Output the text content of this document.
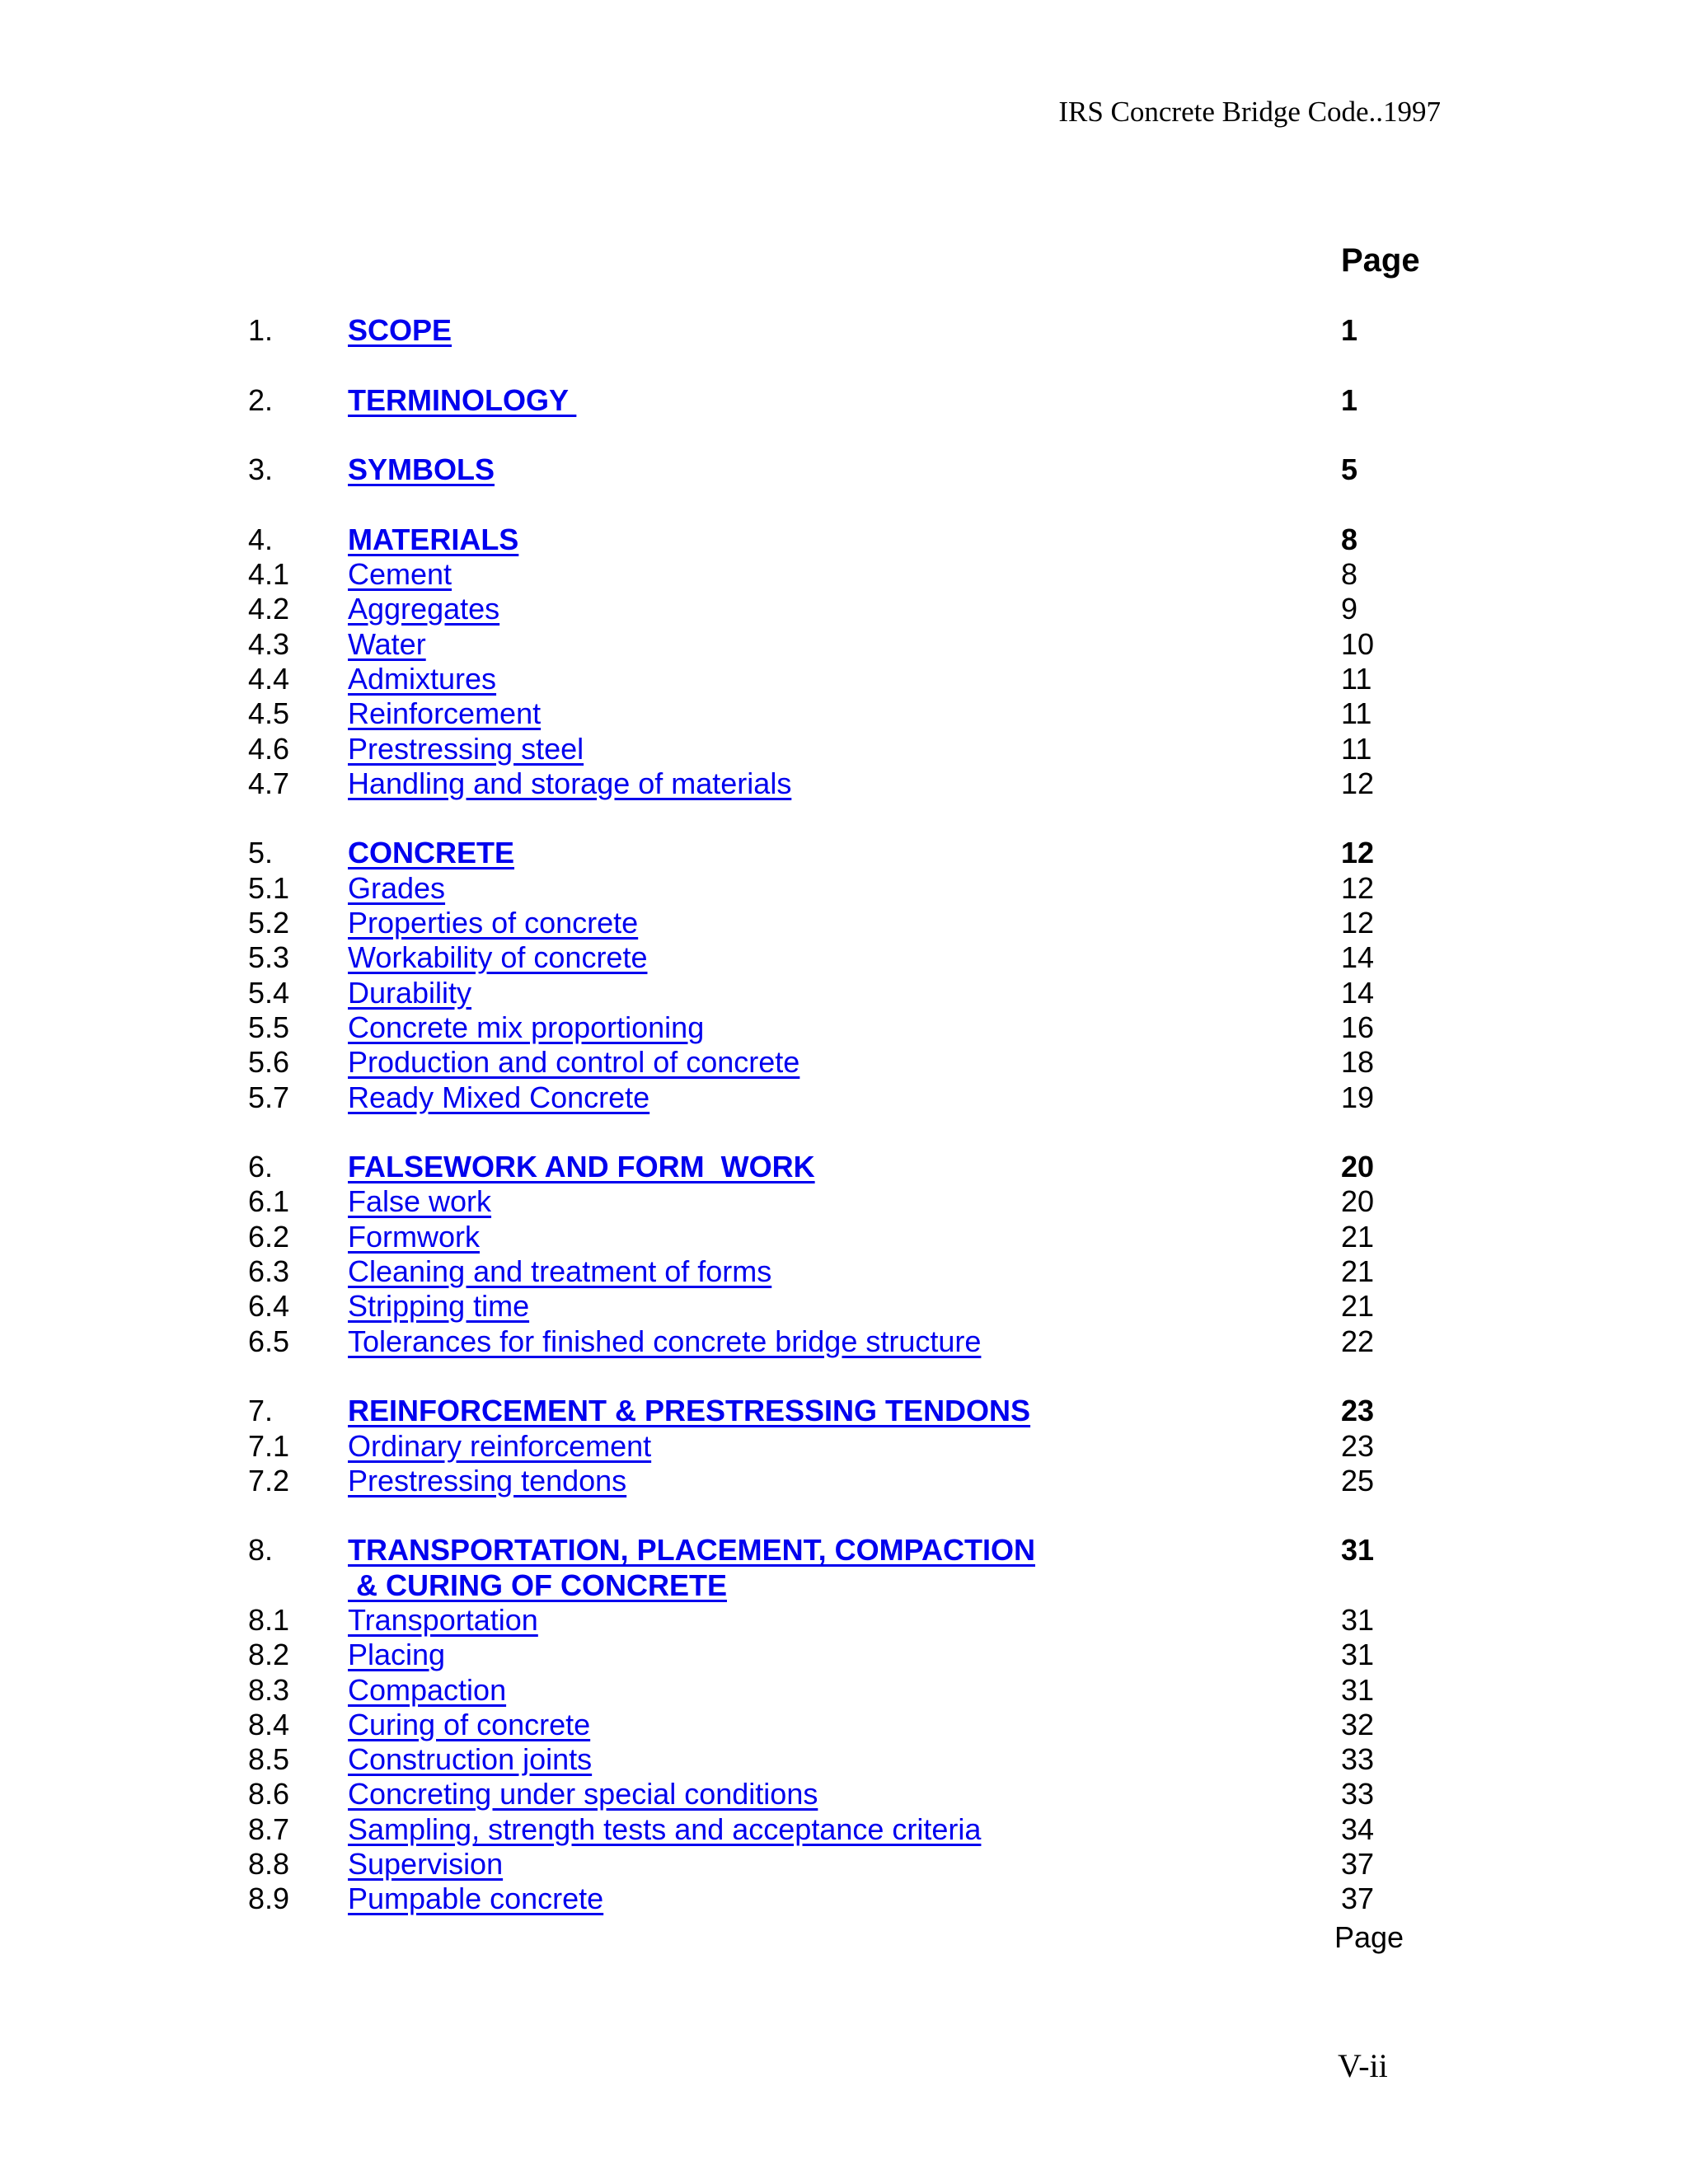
IRS Concrete Bridge Code..1997
Page
1.	SCOPE	1
2.	TERMINOLOGY	1
3.	SYMBOLS	5
4.	MATERIALS	8
4.1 Cement	8
4.2 Aggregates	9
4.3 Water	10
4.4 Admixtures	11
4.5 Reinforcement	11
4.6 Prestressing steel	11
4.7 Handling and storage of materials	12
5.	CONCRETE	12
5.1 Grades	12
5.2 Properties of concrete	12
5.3 Workability of concrete	14
5.4 Durability	14
5.5 Concrete mix proportioning	16
5.6 Production and control of concrete	18
5.7 Ready Mixed Concrete	19
6.	FALSEWORK AND FORM  WORK	20
6.1 False work	20
6.2 Formwork	21
6.3 Cleaning and treatment of forms	21
6.4 Stripping time	21
6.5 Tolerances for finished concrete bridge structure	22
7.	REINFORCEMENT & PRESTRESSING TENDONS	23
7.1 Ordinary reinforcement	23
7.2 Prestressing tendons	25
8.	TRANSPORTATION, PLACEMENT, COMPACTION	31
& CURING OF CONCRETE
8.1 Transportation	31
8.2 Placing	31
8.3 Compaction	31
8.4 Curing of concrete	32
8.5 Construction joints	33
8.6 Concreting under special conditions	33
8.7 Sampling, strength tests and acceptance criteria	34
8.8 Supervision	37
8.9 Pumpable concrete	37
Page
V-ii
